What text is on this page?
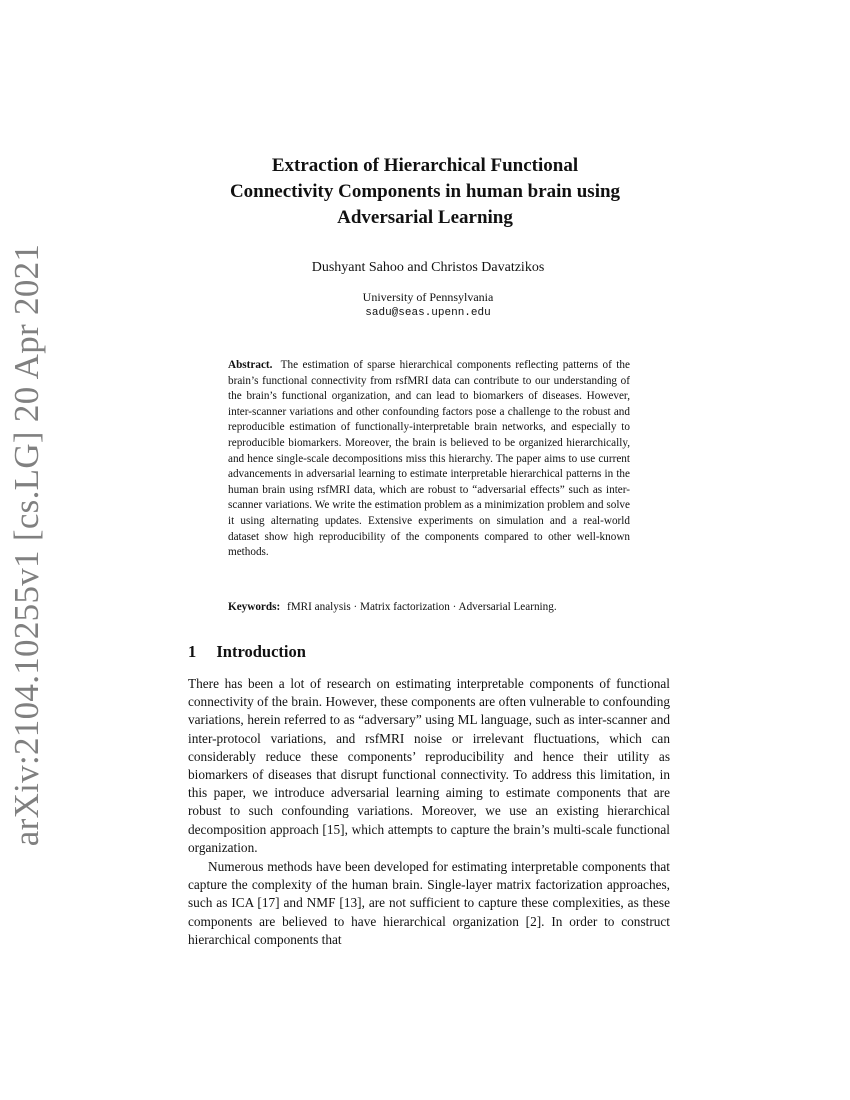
arXiv:2104.10255v1 [cs.LG] 20 Apr 2021
Extraction of Hierarchical Functional
Connectivity Components in human brain using
Adversarial Learning
Dushyant Sahoo and Christos Davatzikos
University of Pennsylvania
sadu@seas.upenn.edu
Abstract. The estimation of sparse hierarchical components reflecting patterns of the brain’s functional connectivity from rsfMRI data can contribute to our understanding of the brain’s functional organization, and can lead to biomarkers of diseases. However, inter-scanner variations and other confounding factors pose a challenge to the robust and reproducible estimation of functionally-interpretable brain networks, and especially to reproducible biomarkers. Moreover, the brain is believed to be organized hierarchically, and hence single-scale decompositions miss this hierarchy. The paper aims to use current advancements in adversarial learning to estimate interpretable hierarchical patterns in the human brain using rsfMRI data, which are robust to “adversarial effects” such as inter-scanner variations. We write the estimation problem as a minimization problem and solve it using alternating updates. Extensive experiments on simulation and a real-world dataset show high reproducibility of the components compared to other well-known methods.
Keywords: fMRI analysis · Matrix factorization · Adversarial Learning.
1 Introduction

There has been a lot of research on estimating interpretable components of functional connectivity of the brain. However, these components are often vulnerable to confounding variations, herein referred to as “adversary” using ML language, such as inter-scanner and inter-protocol variations, and rsfMRI noise or irrelevant fluctuations, which can considerably reduce these components’ reproducibility and hence their utility as biomarkers of diseases that disrupt functional connectivity. To address this limitation, in this paper, we introduce adversarial learning aiming to estimate components that are robust to such confounding variations. Moreover, we use an existing hierarchical decomposition approach [15], which attempts to capture the brain’s multi-scale functional organization.

Numerous methods have been developed for estimating interpretable components that capture the complexity of the human brain. Single-layer matrix factorization approaches, such as ICA [17] and NMF [13], are not sufficient to capture these complexities, as these components are believed to have hierarchical organization [2]. In order to construct hierarchical components that
